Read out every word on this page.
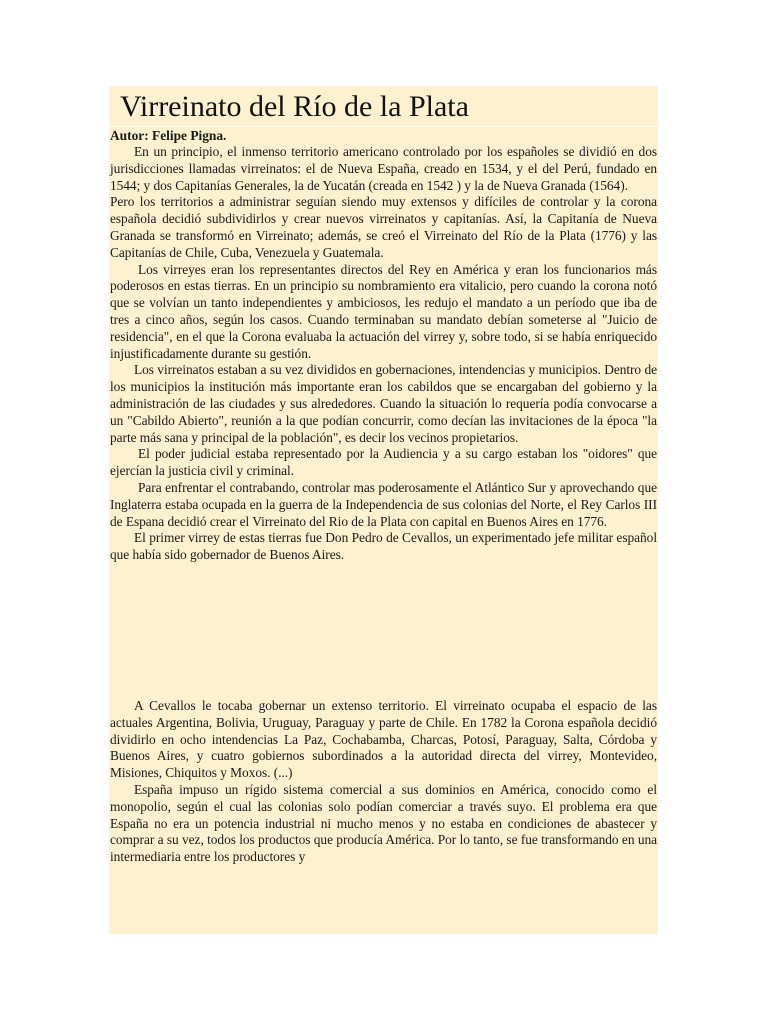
Virreinato del Río de la Plata

Autor: Felipe Pigna.

En un principio, el inmenso territorio americano controlado por los españoles se dividió en dos jurisdicciones llamadas virreinatos: el de Nueva España, creado en 1534, y el del Perú, fundado en 1544; y dos Capitanías Generales, la de Yucatán (creada en 1542 ) y la de Nueva Granada (1564).

Pero los territorios a administrar seguían siendo muy extensos y difíciles de controlar y la corona española decidió subdividirlos y crear nuevos virreinatos y capitanías. Así, la Capitanía de Nueva Granada se transformó en Virreinato; además, se creó el Virreinato del Río de la Plata (1776) y las Capitanías de Chile, Cuba, Venezuela y Guatemala.

Los virreyes eran los representantes directos del Rey en América y eran los funcionarios más poderosos en estas tierras. En un principio su nombramiento era vitalicio, pero cuando la corona notó que se volvían un tanto independientes y ambiciosos, les redujo el mandato a un período que iba de tres a cinco años, según los casos. Cuando terminaban su mandato debían someterse al "Juicio de residencia", en el que la Corona evaluaba la actuación del virrey y, sobre todo, si se había enriquecido injustificadamente durante su gestión.

Los virreinatos estaban a su vez divididos en gobernaciones, intendencias y municipios. Dentro de los municipios la institución más importante eran los cabildos que se encargaban del gobierno y la administración de las ciudades y sus alrededores. Cuando la situación lo requería podía convocarse a un "Cabildo Abierto", reunión a la que podían concurrir, como decían las invitaciones de la época "la parte más sana y principal de la población", es decir los vecinos propietarios.

El poder judicial estaba representado por la Audiencia y a su cargo estaban los "oidores" que ejercían la justicia civil y criminal.

Para enfrentar el contrabando, controlar mas poderosamente el Atlántico Sur y aprovechando que Inglaterra estaba ocupada en la guerra de la Independencia de sus colonias del Norte, el Rey Carlos III de Espana decidió crear el Virreinato del Rio de la Plata con capital en Buenos Aires en 1776.

El primer virrey de estas tierras fue Don Pedro de Cevallos, un experimentado jefe militar español que había sido gobernador de Buenos Aires.

A Cevallos le tocaba gobernar un extenso territorio. El virreinato ocupaba el espacio de las actuales Argentina, Bolivia, Uruguay, Paraguay y parte de Chile. En 1782 la Corona española decidió dividirlo en ocho intendencias La Paz, Cochabamba, Charcas, Potosí, Paraguay, Salta, Córdoba y Buenos Aires, y cuatro gobiernos subordinados a la autoridad directa del virrey, Montevideo, Misiones, Chiquitos y Moxos. (...)

España impuso un rígido sistema comercial a sus dominios en América, conocido como el monopolio, según el cual las colonias solo podían comerciar a través suyo. El problema era que España no era un potencia industrial ni mucho menos y no estaba en condiciones de abastecer y comprar a su vez, todos los productos que producía América. Por lo tanto, se fue transformando en una intermediaria entre los productores y
